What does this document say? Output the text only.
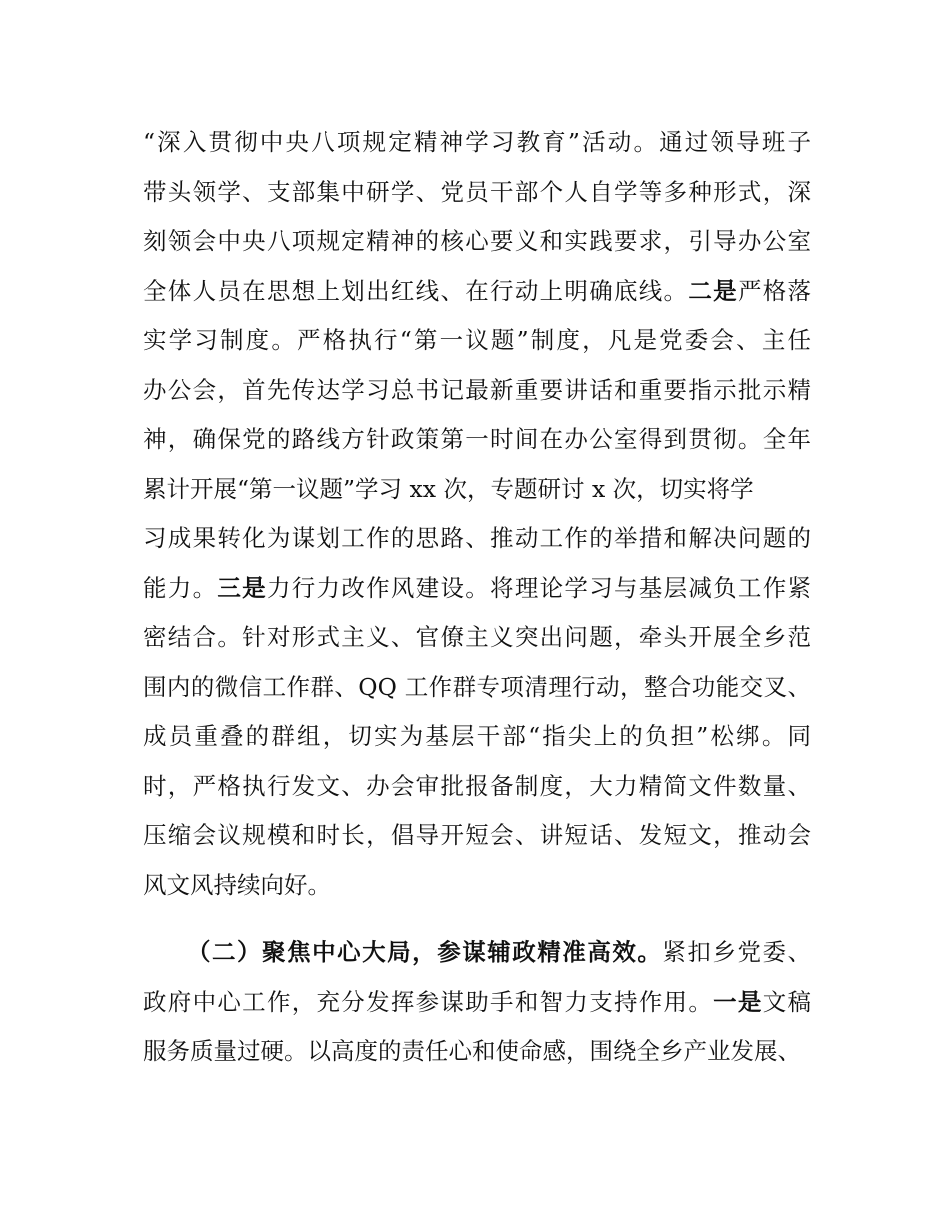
“深入贯彻中央八项规定精神学习教育”活动。通过领导班子
带头领学、支部集中研学、党员干部个人自学等多种形式，深
刻领会中央八项规定精神的核心要义和实践要求，引导办公室
全体人员在思想上划出红线、在行动上明确底线。二是严格落
实学习制度。严格执行“第一议题”制度，凡是党委会、主任
办公会，首先传达学习总书记最新重要讲话和重要指示批示精
神，确保党的路线方针政策第一时间在办公室得到贯彻。全年
累计开展“第一议题”学习 xx 次，专题研讨 x 次，切实将学
习成果转化为谋划工作的思路、推动工作的举措和解决问题的
能力。三是力行力改作风建设。将理论学习与基层减负工作紧
密结合。针对形式主义、官僚主义突出问题，牵头开展全乡范
围内的微信工作群、QQ 工作群专项清理行动，整合功能交叉、
成员重叠的群组，切实为基层干部“指尖上的负担”松绑。同
时，严格执行发文、办会审批报备制度，大力精简文件数量、
压缩会议规模和时长，倡导开短会、讲短话、发短文，推动会
风文风持续向好。
（二）聚焦中心大局，参谋辅政精准高效。紧扣乡党委、
政府中心工作，充分发挥参谋助手和智力支持作用。一是文稿
服务质量过硬。以高度的责任心和使命感，围绕全乡产业发展、
